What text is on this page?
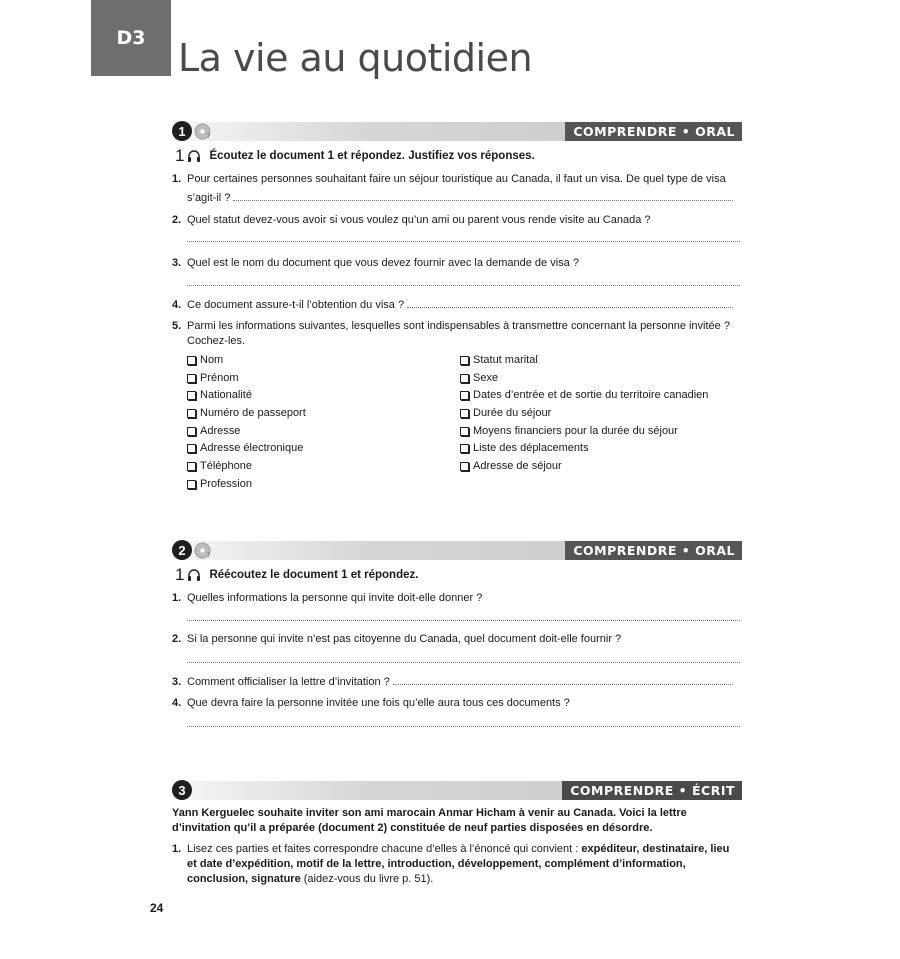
D3 La vie au quotidien
1	7	COMPRENDRE • ORAL
1 Écoutez le document 1 et répondez. Justifiez vos réponses.
1. Pour certaines personnes souhaitant faire un séjour touristique au Canada, il faut un visa. De quel type de visa
s’agit-il ?
2. Quel statut devez-vous avoir si vous voulez qu’un ami ou parent vous rende visite au Canada ?
3. Quel est le nom du document que vous devez fournir avec la demande de visa ?
4. Ce document assure-t-il l’obtention du visa ?
5. Parmi les informations suivantes, lesquelles sont indispensables à transmettre concernant la personne invitée ?
Cochez-les.
Nom
Prénom
Nationalité
Numéro de passeport
Adresse
Adresse électronique
Téléphone
Profession
Statut marital
Sexe
Dates d’entrée et de sortie du territoire canadien
Durée du séjour
Moyens financiers pour la durée du séjour
Liste des déplacements
Adresse de séjour
2	7	COMPRENDRE • ORAL
1 Réécoutez le document 1 et répondez.
1. Quelles informations la personne qui invite doit-elle donner ?
2. Si la personne qui invite n’est pas citoyenne du Canada, quel document doit-elle fournir ?
3. Comment officialiser la lettre d’invitation ?
4. Que devra faire la personne invitée une fois qu’elle aura tous ces documents ?
3	COMPRENDRE • ÉCRIT
Yann Kerguelec souhaite inviter son ami marocain Anmar Hicham à venir au Canada. Voici la lettre d’invitation qu’il a préparée (document 2) constituée de neuf parties disposées en désordre.
1. Lisez ces parties et faites correspondre chacune d’elles à l’énoncé qui convient : expéditeur, destinataire, lieu et date d’expédition, motif de la lettre, introduction, développement, complément d’information, conclusion, signature (aidez-vous du livre p. 51).
24
